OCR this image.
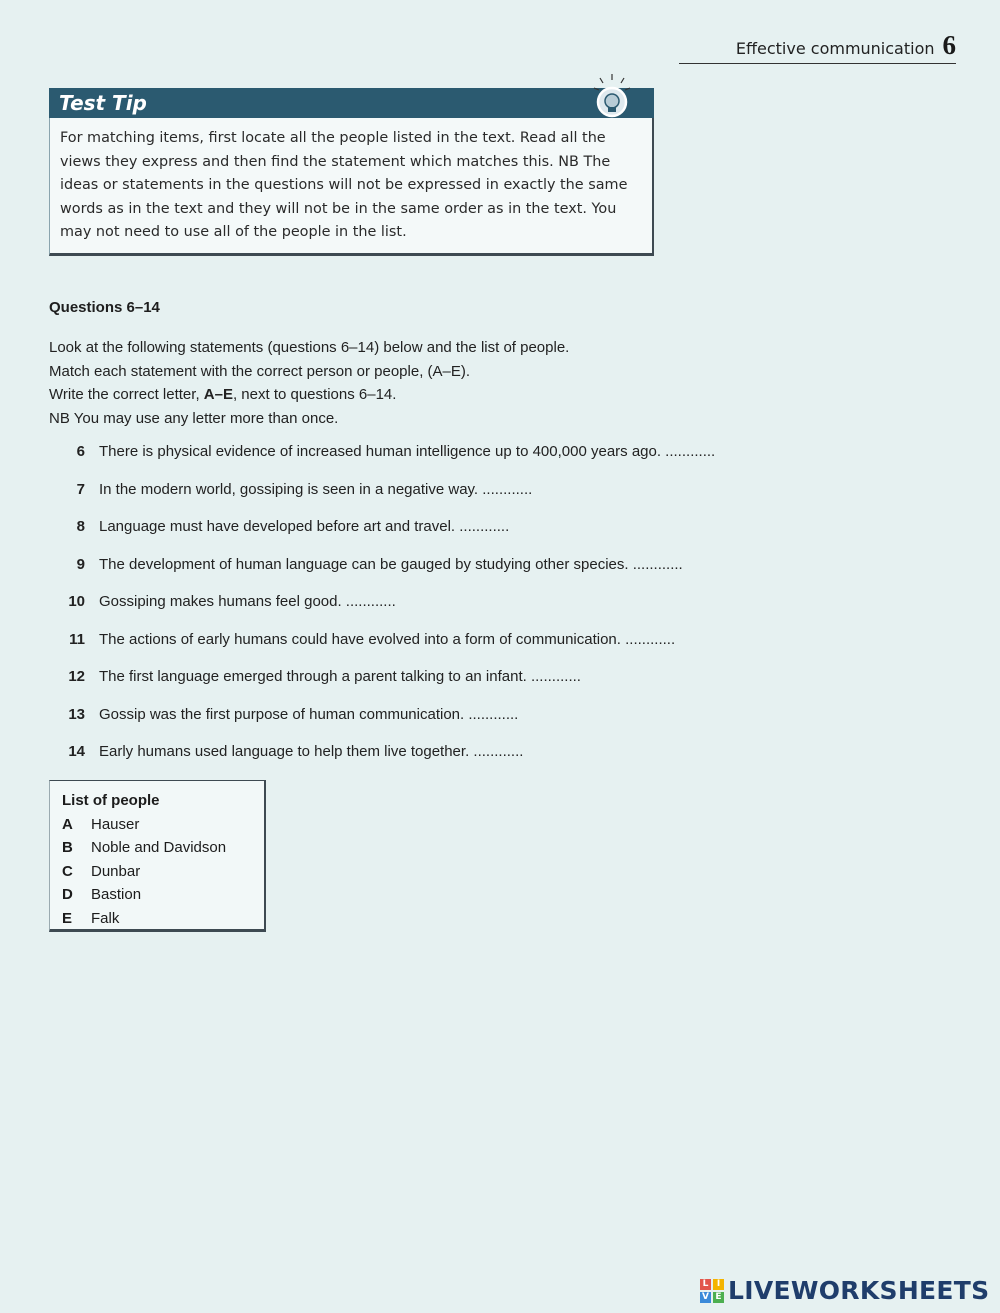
Effective communication 6
Test Tip
For matching items, first locate all the people listed in the text. Read all the
views they express and then find the statement which matches this. NB The
ideas or statements in the questions will not be expressed in exactly the same
words as in the text and they will not be in the same order as in the text. You
may not need to use all of the people in the list.
Questions 6–14
Look at the following statements (questions 6–14) below and the list of people.
Match each statement with the correct person or people, (A–E).
Write the correct letter, A–E, next to questions 6–14.
NB You may use any letter more than once.
6 There is physical evidence of increased human intelligence up to 400,000 years ago. ............
7 In the modern world, gossiping is seen in a negative way. ............
8 Language must have developed before art and travel. ............
9 The development of human language can be gauged by studying other species. ............
10 Gossiping makes humans feel good. ............
11 The actions of early humans could have evolved into a form of communication. ............
12 The first language emerged through a parent talking to an infant. ............
13 Gossip was the first purpose of human communication. ............
14 Early humans used language to help them live together. ............
List of people
A	Hauser
B	Noble and Davidson
C	Dunbar
D	Bastion
E	Falk
L I
V E LIVEWORKSHEETS
